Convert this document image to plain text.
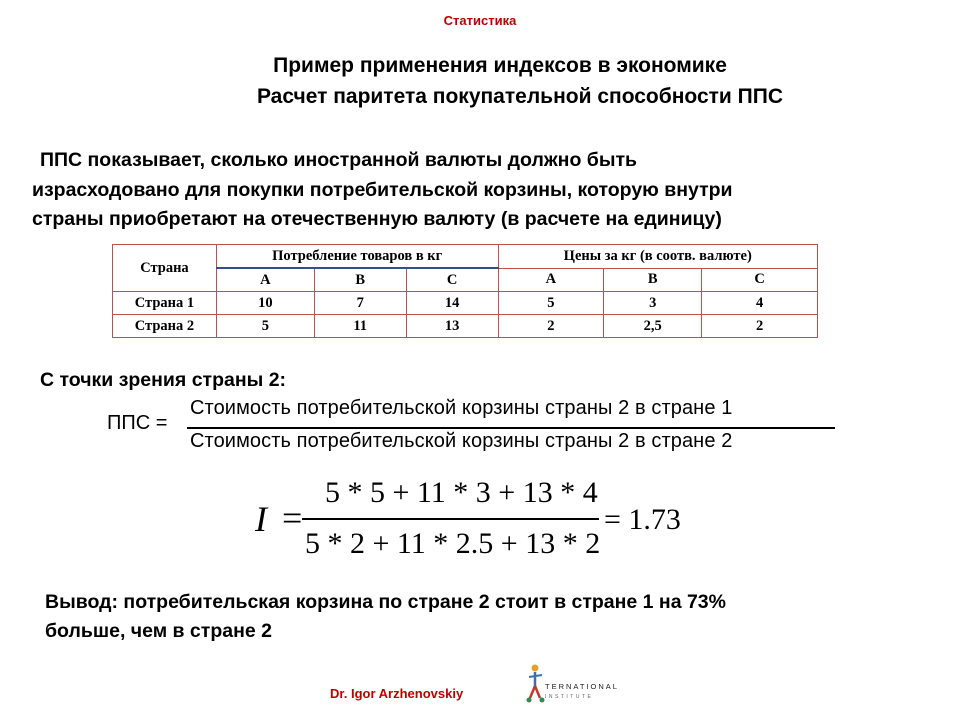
Статистика
Пример применения индексов в экономике
Расчет паритета покупательной способности ППС
ППС показывает, сколько иностранной валюты должно быть
израсходовано для покупки потребительской корзины, которую внутри
страны приобретают на отечественную валюту (в расчете на единицу)
Страна	Потребление товаров в кг			Цены за кг (в соотв. валюте)		
	A	B	C	A	B	C
Страна 1	10	7	14	5	3	4
Страна 2	5	11	13	2	2,5	2
С точки зрения страны 2:
ППС =
Стоимость потребительской корзины страны 2 в стране 1
Стоимость потребительской корзины страны 2 в стране 2
I =
5 * 5 + 11 * 3 + 13 * 4
5 * 2 + 11 * 2.5 + 13 * 2
= 1.73
Вывод: потребительская корзина по стране 2 стоит в стране 1 на 73%
больше, чем в стране 2
Dr. Igor Arzhenovskiy	TERNATIONAL
INSTITUTE
